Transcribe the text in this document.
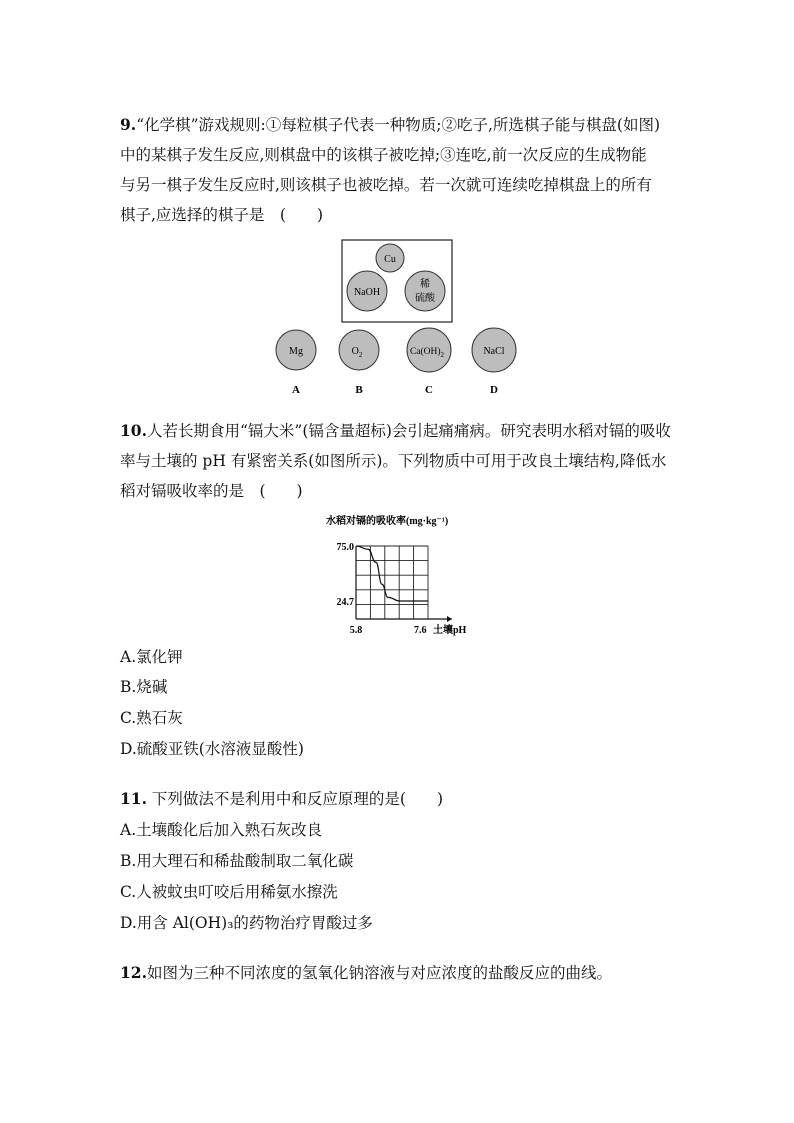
9.“化学棋”游戏规则:①每粒棋子代表一种物质;②吃子,所选棋子能与棋盘(如图)
中的某棋子发生反应,则棋盘中的该棋子被吃掉;③连吃,前一次反应的生成物能
与另一棋子发生反应时,则该棋子也被吃掉。若一次就可连续吃掉棋盘上的所有
棋子,应选择的棋子是　(　　)
Cu
NaOH
稀
硫酸
Mg	$O_2$	$Ca(OH)_2$	NaCl
A	B	C	D
10.人若长期食用“镉大米”(镉含量超标)会引起痛痛病。研究表明水稻对镉的吸收
率与土壤的 pH 有紧密关系(如图所示)。下列物质中可用于改良土壤结构,降低水
稻对镉吸收率的是　(　　)
水稻对镉的吸收率(mg·kg⁻¹)
75.0
24.7
5.8	7.6 土壤pH
A.氯化钾
B.烧碱
C.熟石灰
D.硫酸亚铁(水溶液显酸性)
11. 下列做法不是利用中和反应原理的是(　　)
A.土壤酸化后加入熟石灰改良
B.用大理石和稀盐酸制取二氧化碳
C.人被蚊虫叮咬后用稀氨水擦洗
D.用含 Al(OH)₃的药物治疗胃酸过多
12.如图为三种不同浓度的氢氧化钠溶液与对应浓度的盐酸反应的曲线。
